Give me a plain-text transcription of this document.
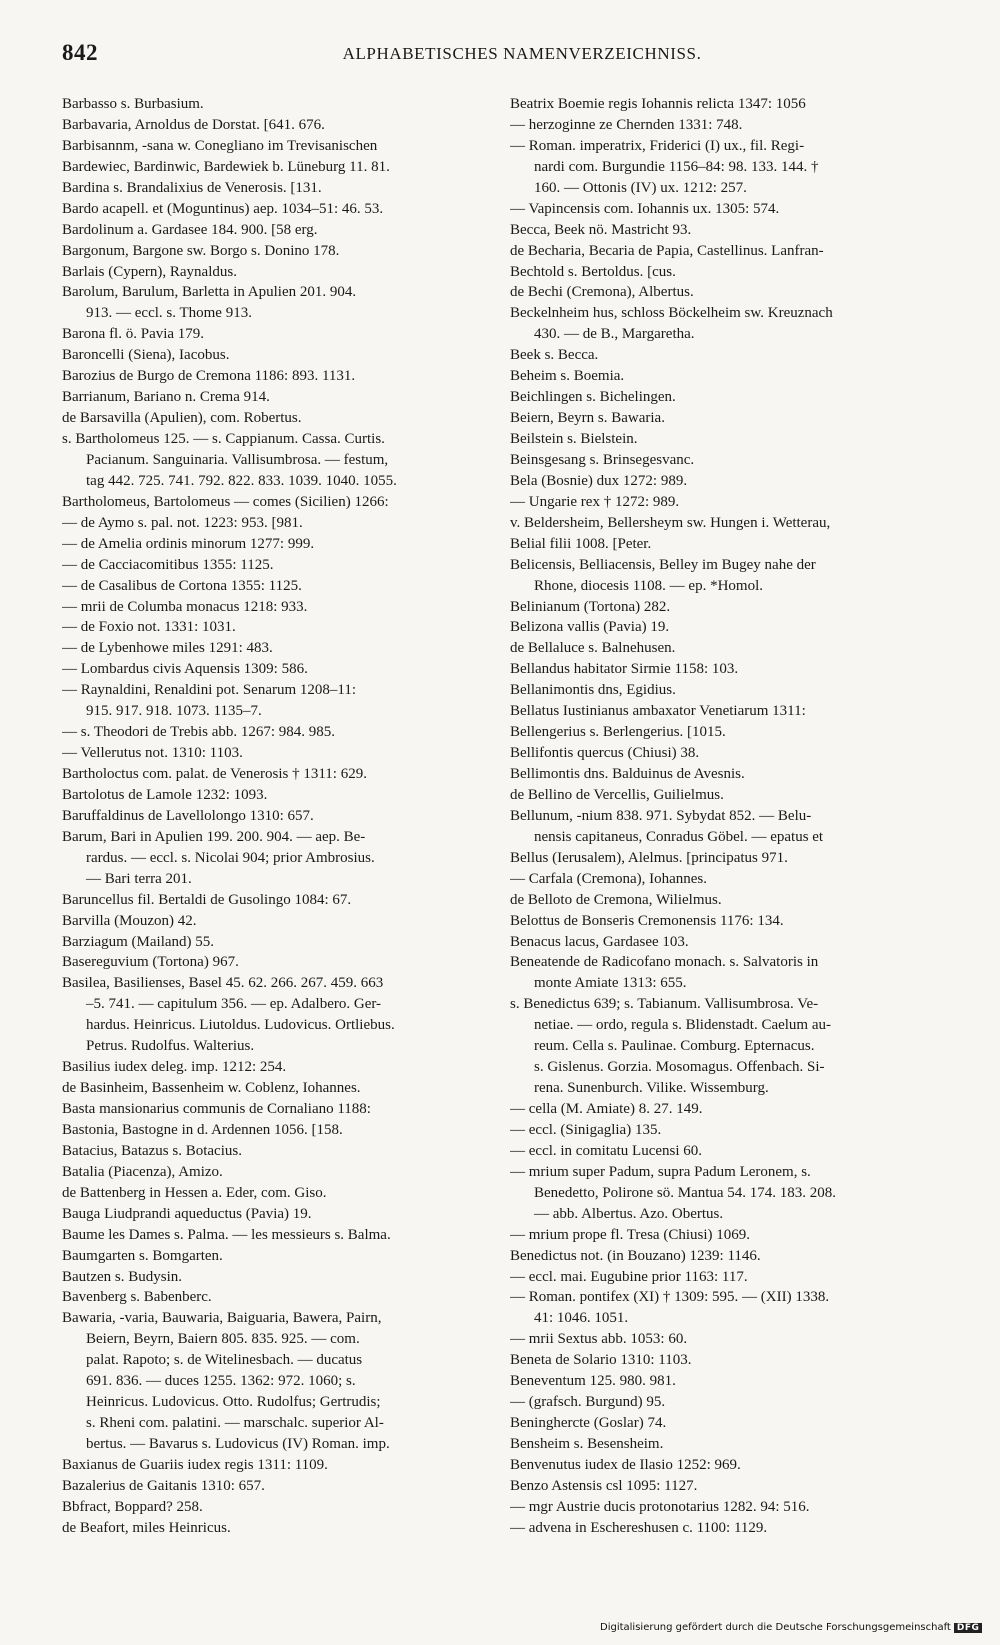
842	ALPHABETISCHES NAMENVERZEICHNISS.
Barbasso s. Burbasium.
Barbavaria, Arnoldus de Dorstat. [641. 676.
Barbisannm, -sana w. Conegliano im Trevisanischen
Bardewiec, Bardinwic, Bardewiek b. Lüneburg 11. 81.
Bardina s. Brandalixius de Venerosis. [131.
Bardo acapell. et (Moguntinus) aep. 1034–51: 46. 53.
Bardolinum a. Gardasee 184. 900. [58 erg.
Bargonum, Bargone sw. Borgo s. Donino 178.
Barlais (Cypern), Raynaldus.
Barolum, Barulum, Barletta in Apulien 201. 904.
913. — eccl. s. Thome 913.
Barona fl. ö. Pavia 179.
Baroncelli (Siena), Iacobus.
Barozius de Burgo de Cremona 1186: 893. 1131.
Barrianum, Bariano n. Crema 914.
de Barsavilla (Apulien), com. Robertus.
s. Bartholomeus 125. — s. Cappianum. Cassa. Curtis.
Pacianum. Sanguinaria. Vallisumbrosa. — festum,
tag 442. 725. 741. 792. 822. 833. 1039. 1040. 1055.
Bartholomeus, Bartolomeus — comes (Sicilien) 1266:
— de Aymo s. pal. not. 1223: 953. [981.
— de Amelia ordinis minorum 1277: 999.
— de Cacciacomitibus 1355: 1125.
— de Casalibus de Cortona 1355: 1125.
— mrii de Columba monacus 1218: 933.
— de Foxio not. 1331: 1031.
— de Lybenhowe miles 1291: 483.
— Lombardus civis Aquensis 1309: 586.
— Raynaldini, Renaldini pot. Senarum 1208–11:
915. 917. 918. 1073. 1135–7.
— s. Theodori de Trebis abb. 1267: 984. 985.
— Vellerutus not. 1310: 1103.
Bartholoctus com. palat. de Venerosis † 1311: 629.
Bartolotus de Lamole 1232: 1093.
Baruffaldinus de Lavellolongo 1310: 657.
Barum, Bari in Apulien 199. 200. 904. — aep. Be-
rardus. — eccl. s. Nicolai 904; prior Ambrosius.
— Bari terra 201.
Baruncellus fil. Bertaldi de Gusolingo 1084: 67.
Barvilla (Mouzon) 42.
Barziagum (Mailand) 55.
Basereguvium (Tortona) 967.
Basilea, Basilienses, Basel 45. 62. 266. 267. 459. 663
–5. 741. — capitulum 356. — ep. Adalbero. Ger-
hardus. Heinricus. Liutoldus. Ludovicus. Ortliebus.
Petrus. Rudolfus. Walterius.
Basilius iudex deleg. imp. 1212: 254.
de Basinheim, Bassenheim w. Coblenz, Iohannes.
Basta mansionarius communis de Cornaliano 1188:
Bastonia, Bastogne in d. Ardennen 1056. [158.
Batacius, Batazus s. Botacius.
Batalia (Piacenza), Amizo.
de Battenberg in Hessen a. Eder, com. Giso.
Bauga Liudprandi aqueductus (Pavia) 19.
Baume les Dames s. Palma. — les messieurs s. Balma.
Baumgarten s. Bomgarten.
Bautzen s. Budysin.
Bavenberg s. Babenberc.
Bawaria, -varia, Bauwaria, Baiguaria, Bawera, Pairn,
Beiern, Beyrn, Baiern 805. 835. 925. — com.
palat. Rapoto; s. de Witelinesbach. — ducatus
691. 836. — duces 1255. 1362: 972. 1060; s.
Heinricus. Ludovicus. Otto. Rudolfus; Gertrudis;
s. Rheni com. palatini. — marschalc. superior Al-
bertus. — Bavarus s. Ludovicus (IV) Roman. imp.
Baxianus de Guariis iudex regis 1311: 1109.
Bazalerius de Gaitanis 1310: 657.
Bbfract, Boppard? 258.
de Beafort, miles Heinricus.
Beatrix Boemie regis Iohannis relicta 1347: 1056
— herzoginne ze Chernden 1331: 748.
— Roman. imperatrix, Friderici (I) ux., fil. Regi-
nardi com. Burgundie 1156–84: 98. 133. 144. †
160. — Ottonis (IV) ux. 1212: 257.
— Vapincensis com. Iohannis ux. 1305: 574.
Becca, Beek nö. Mastricht 93.
de Becharia, Becaria de Papia, Castellinus. Lanfran-
Bechtold s. Bertoldus. [cus.
de Bechi (Cremona), Albertus.
Beckelnheim hus, schloss Böckelheim sw. Kreuznach
430. — de B., Margaretha.
Beek s. Becca.
Beheim s. Boemia.
Beichlingen s. Bichelingen.
Beiern, Beyrn s. Bawaria.
Beilstein s. Bielstein.
Beinsgesang s. Brinsegesvanc.
Bela (Bosnie) dux 1272: 989.
— Ungarie rex † 1272: 989.
v. Beldersheim, Bellersheym sw. Hungen i. Wetterau,
Belial filii 1008. [Peter.
Belicensis, Belliacensis, Belley im Bugey nahe der
Rhone, diocesis 1108. — ep. *Homol.
Belinianum (Tortona) 282.
Belizona vallis (Pavia) 19.
de Bellaluce s. Balnehusen.
Bellandus habitator Sirmie 1158: 103.
Bellanimontis dns, Egidius.
Bellatus Iustinianus ambaxator Venetiarum 1311:
Bellengerius s. Berlengerius. [1015.
Bellifontis quercus (Chiusi) 38.
Bellimontis dns. Balduinus de Avesnis.
de Bellino de Vercellis, Guilielmus.
Bellunum, -nium 838. 971. Sybydat 852. — Belu-
nensis capitaneus, Conradus Göbel. — epatus et
Bellus (Ierusalem), Alelmus. [principatus 971.
— Carfala (Cremona), Iohannes.
de Belloto de Cremona, Wilielmus.
Belottus de Bonseris Cremonensis 1176: 134.
Benacus lacus, Gardasee 103.
Beneatende de Radicofano monach. s. Salvatoris in
monte Amiate 1313: 655.
s. Benedictus 639; s. Tabianum. Vallisumbrosa. Ve-
netiae. — ordo, regula s. Blidenstadt. Caelum au-
reum. Cella s. Paulinae. Comburg. Epternacus.
s. Gislenus. Gorzia. Mosomagus. Offenbach. Si-
rena. Sunenburch. Vilike. Wissemburg.
— cella (M. Amiate) 8. 27. 149.
— eccl. (Sinigaglia) 135.
— eccl. in comitatu Lucensi 60.
— mrium super Padum, supra Padum Leronem, s.
Benedetto, Polirone sö. Mantua 54. 174. 183. 208.
— abb. Albertus. Azo. Obertus.
— mrium prope fl. Tresa (Chiusi) 1069.
Benedictus not. (in Bouzano) 1239: 1146.
— eccl. mai. Eugubine prior 1163: 117.
— Roman. pontifex (XI) † 1309: 595. — (XII) 1338.
41: 1046. 1051.
— mrii Sextus abb. 1053: 60.
Beneta de Solario 1310: 1103.
Beneventum 125. 980. 981.
— (grafsch. Burgund) 95.
Beninghercte (Goslar) 74.
Bensheim s. Besensheim.
Benvenutus iudex de Ilasio 1252: 969.
Benzo Astensis csl 1095: 1127.
— mgr Austrie ducis protonotarius 1282. 94: 516.
— advena in Eschereshusen c. 1100: 1129.
Digitalisierung gefördert durch die Deutsche Forschungsgemeinschaft DFG
